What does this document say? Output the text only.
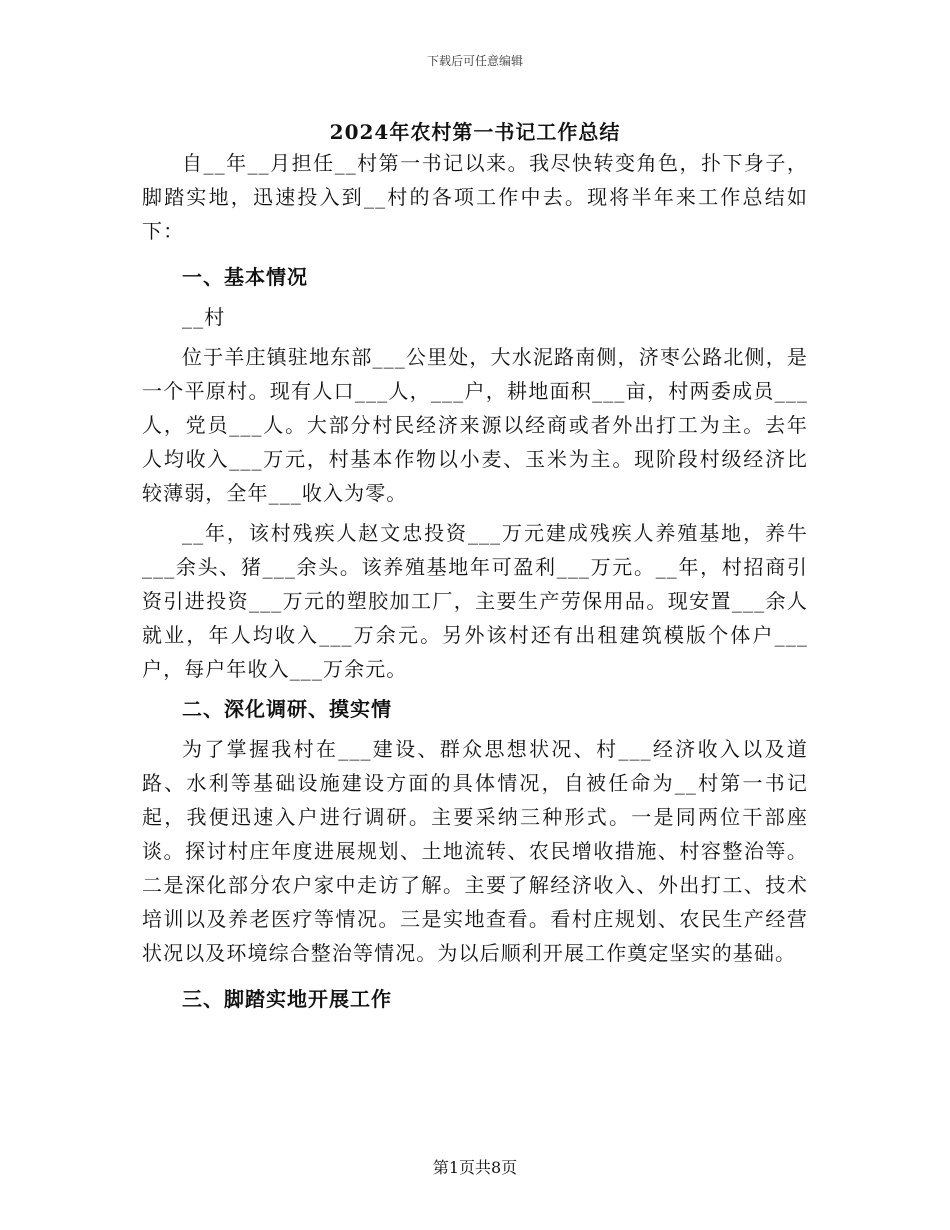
下载后可任意编辑
2024年农村第一书记工作总结

自__年__月担任__村第一书记以来。我尽快转变角色，扑下身子，脚踏实地，迅速投入到__村的各项工作中去。现将半年来工作总结如下：

一、基本情况

__村

位于羊庄镇驻地东部___公里处，大水泥路南侧，济枣公路北侧，是一个平原村。现有人口___人，___户，耕地面积___亩，村两委成员___人，党员___人。大部分村民经济来源以经商或者外出打工为主。去年人均收入___万元，村基本作物以小麦、玉米为主。现阶段村级经济比较薄弱，全年___收入为零。

__年，该村残疾人赵文忠投资___万元建成残疾人养殖基地，养牛___余头、猪___余头。该养殖基地年可盈利___万元。__年，村招商引资引进投资___万元的塑胶加工厂，主要生产劳保用品。现安置___余人就业，年人均收入___万余元。另外该村还有出租建筑模版个体户___户，每户年收入___万余元。

二、深化调研、摸实情

为了掌握我村在___建设、群众思想状况、村___经济收入以及道路、水利等基础设施建设方面的具体情况，自被任命为__村第一书记起，我便迅速入户进行调研。主要采纳三种形式。一是同两位干部座谈。探讨村庄年度进展规划、土地流转、农民增收措施、村容整治等。二是深化部分农户家中走访了解。主要了解经济收入、外出打工、技术培训以及养老医疗等情况。三是实地查看。看村庄规划、农民生产经营状况以及环境综合整治等情况。为以后顺利开展工作奠定坚实的基础。

三、脚踏实地开展工作
第1页共8页
